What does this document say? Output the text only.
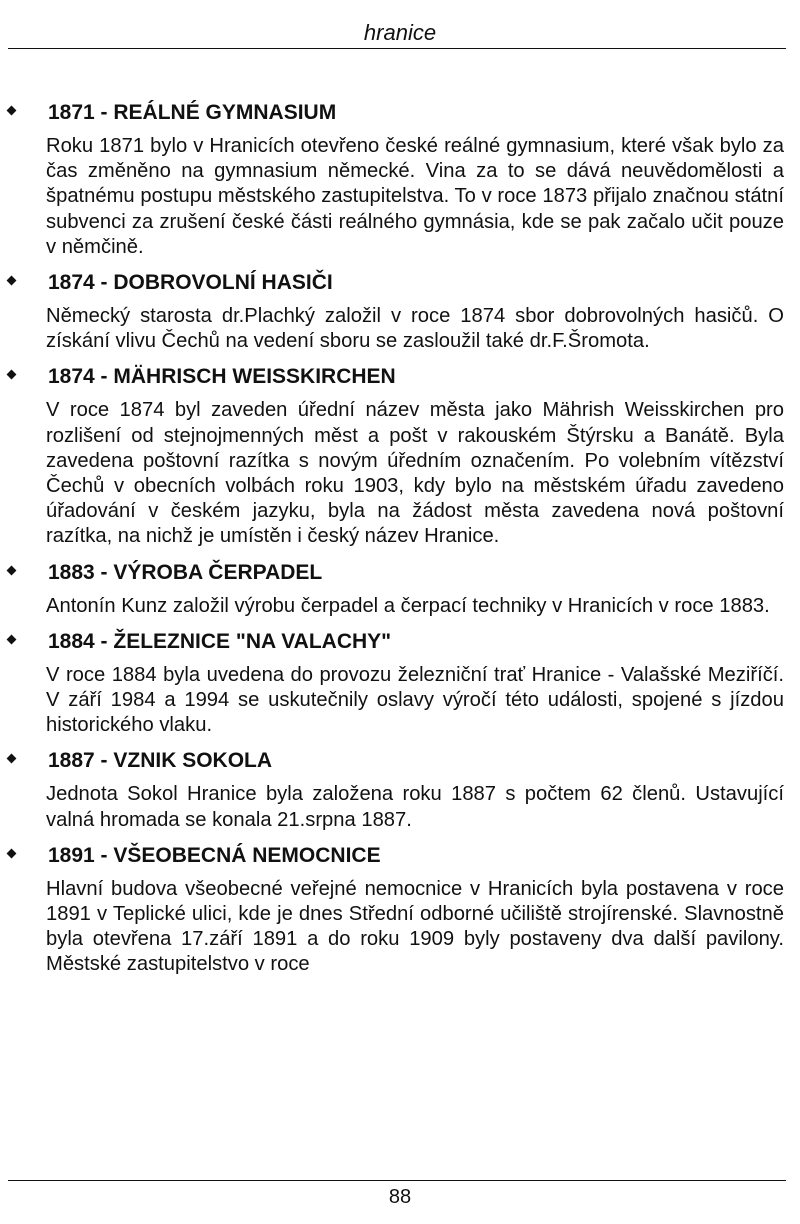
hranice
1871 - REÁLNÉ GYMNASIUM
Roku 1871 bylo v Hranicích otevřeno české reálné gymnasium, které však bylo za čas změněno na gymnasium německé. Vina za to se dává neuvědomělosti a špatnému postupu městského zastupitelstva. To v roce 1873 přijalo značnou státní subvenci za zrušení české části reálného gymnásia, kde se pak začalo učit pouze v němčině.
1874 - DOBROVOLNÍ HASIČI
Německý starosta dr.Plachký založil v roce 1874 sbor dobrovolných hasičů. O získání vlivu Čechů na vedení sboru se zasloužil také dr.F.Šromota.
1874 - MÄHRISCH WEISSKIRCHEN
V roce 1874 byl zaveden úřední název města jako Mährish Weisskirchen pro rozlišení od stejnojmenných měst a pošt v rakouském Štýrsku a Banátě. Byla zavedena poštovní razítka s novým úředním označením. Po volebním vítězství Čechů v obecních volbách roku 1903, kdy bylo na městském úřadu zavedeno úřadování v českém jazyku, byla na žádost města zavedena nová poštovní razítka, na nichž je umístěn i český název Hranice.
1883 - VÝROBA ČERPADEL
Antonín Kunz založil výrobu čerpadel a čerpací techniky v Hranicích v roce 1883.
1884 - ŽELEZNICE "NA VALACHY"
V roce 1884 byla uvedena do provozu železniční trať Hranice - Valašské Meziříčí. V září 1984 a 1994 se uskutečnily oslavy výročí této události, spojené s jízdou historického vlaku.
1887 - VZNIK SOKOLA
Jednota Sokol Hranice byla založena roku 1887 s počtem 62 členů. Ustavující valná hromada se konala 21.srpna 1887.
1891 - VŠEOBECNÁ NEMOCNICE
Hlavní budova všeobecné veřejné nemocnice v Hranicích byla postavena v roce 1891 v Teplické ulici, kde je dnes Střední odborné učiliště strojírenské. Slavnostně byla otevřena 17.září 1891 a do roku 1909 byly postaveny dva další pavilony. Městské zastupitelstvo v roce
88
